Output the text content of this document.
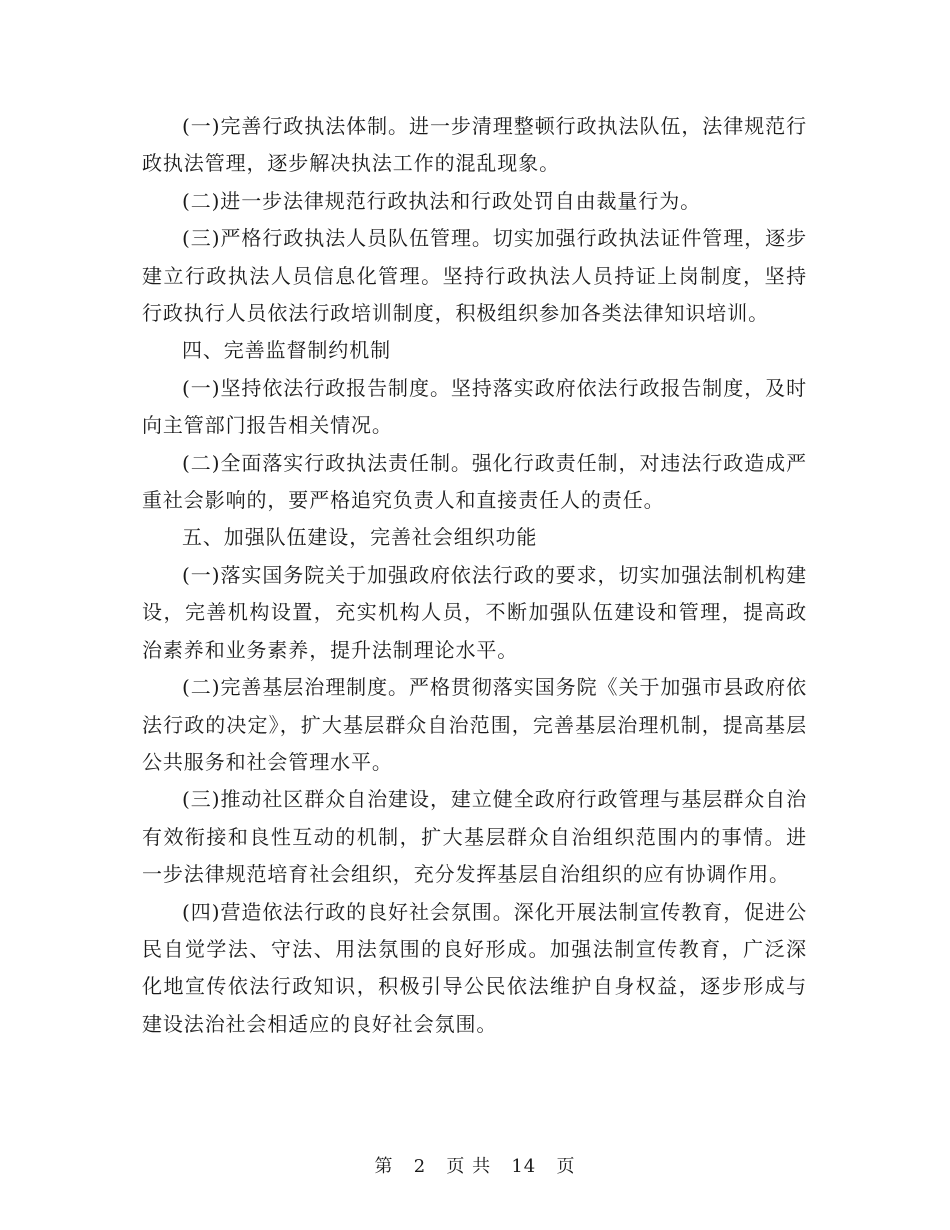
(一)完善行政执法体制。进一步清理整顿行政执法队伍，法律规范行政执法管理，逐步解决执法工作的混乱现象。

(二)进一步法律规范行政执法和行政处罚自由裁量行为。

(三)严格行政执法人员队伍管理。切实加强行政执法证件管理，逐步建立行政执法人员信息化管理。坚持行政执法人员持证上岗制度，坚持行政执行人员依法行政培训制度，积极组织参加各类法律知识培训。

四、完善监督制约机制

(一)坚持依法行政报告制度。坚持落实政府依法行政报告制度，及时向主管部门报告相关情况。

(二)全面落实行政执法责任制。强化行政责任制，对违法行政造成严重社会影响的，要严格追究负责人和直接责任人的责任。

五、加强队伍建设，完善社会组织功能

(一)落实国务院关于加强政府依法行政的要求，切实加强法制机构建设，完善机构设置，充实机构人员，不断加强队伍建设和管理，提高政治素养和业务素养，提升法制理论水平。

(二)完善基层治理制度。严格贯彻落实国务院《关于加强市县政府依法行政的决定》，扩大基层群众自治范围，完善基层治理机制，提高基层公共服务和社会管理水平。

(三)推动社区群众自治建设，建立健全政府行政管理与基层群众自治有效衔接和良性互动的机制，扩大基层群众自治组织范围内的事情。进一步法律规范培育社会组织，充分发挥基层自治组织的应有协调作用。

(四)营造依法行政的良好社会氛围。深化开展法制宣传教育，促进公民自觉学法、守法、用法氛围的良好形成。加强法制宣传教育，广泛深化地宣传依法行政知识，积极引导公民依法维护自身权益，逐步形成与建设法治社会相适应的良好社会氛围。

第 2 页 共 14 页
